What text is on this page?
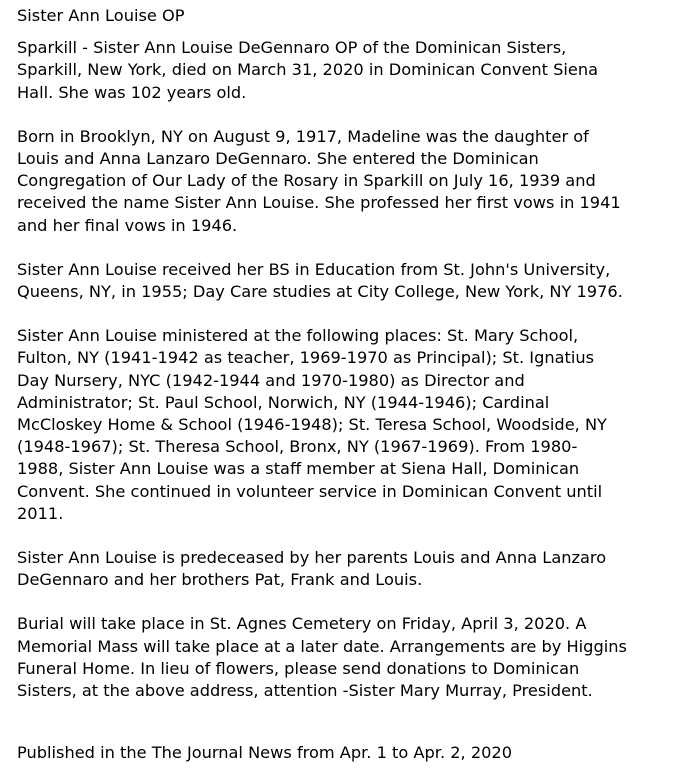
Sister Ann Louise OP

Sparkill - Sister Ann Louise DeGennaro OP of the Dominican Sisters,
Sparkill, New York, died on March 31, 2020 in Dominican Convent Siena
Hall. She was 102 years old.

Born in Brooklyn, NY on August 9, 1917, Madeline was the daughter of
Louis and Anna Lanzaro DeGennaro. She entered the Dominican
Congregation of Our Lady of the Rosary in Sparkill on July 16, 1939 and
received the name Sister Ann Louise. She professed her first vows in 1941
and her final vows in 1946.

Sister Ann Louise received her BS in Education from St. John's University,
Queens, NY, in 1955; Day Care studies at City College, New York, NY 1976.

Sister Ann Louise ministered at the following places: St. Mary School,
Fulton, NY (1941-1942 as teacher, 1969-1970 as Principal); St. Ignatius
Day Nursery, NYC (1942-1944 and 1970-1980) as Director and
Administrator; St. Paul School, Norwich, NY (1944-1946); Cardinal
McCloskey Home & School (1946-1948); St. Teresa School, Woodside, NY
(1948-1967); St. Theresa School, Bronx, NY (1967-1969). From 1980-
1988, Sister Ann Louise was a staff member at Siena Hall, Dominican
Convent. She continued in volunteer service in Dominican Convent until
2011.

Sister Ann Louise is predeceased by her parents Louis and Anna Lanzaro
DeGennaro and her brothers Pat, Frank and Louis.

Burial will take place in St. Agnes Cemetery on Friday, April 3, 2020. A
Memorial Mass will take place at a later date. Arrangements are by Higgins
Funeral Home. In lieu of flowers, please send donations to Dominican
Sisters, at the above address, attention -Sister Mary Murray, President.

Published in the The Journal News from Apr. 1 to Apr. 2, 2020
